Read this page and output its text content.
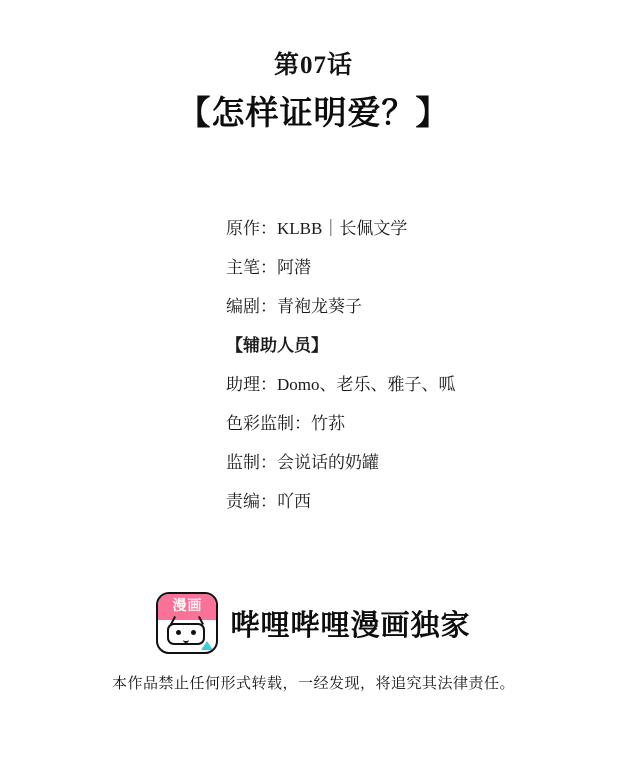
第07话
【怎样证明爱？】
原作：KLBB｜长佩文学
主笔：阿潜
编剧：青袍龙葵子
【辅助人员】
助理：Domo、老乐、雅子、呱
色彩监制：竹荪
监制：会说话的奶罐
责编：吖西
漫画
哔哩哔哩漫画独家
本作品禁止任何形式转载，一经发现，将追究其法律责任。
